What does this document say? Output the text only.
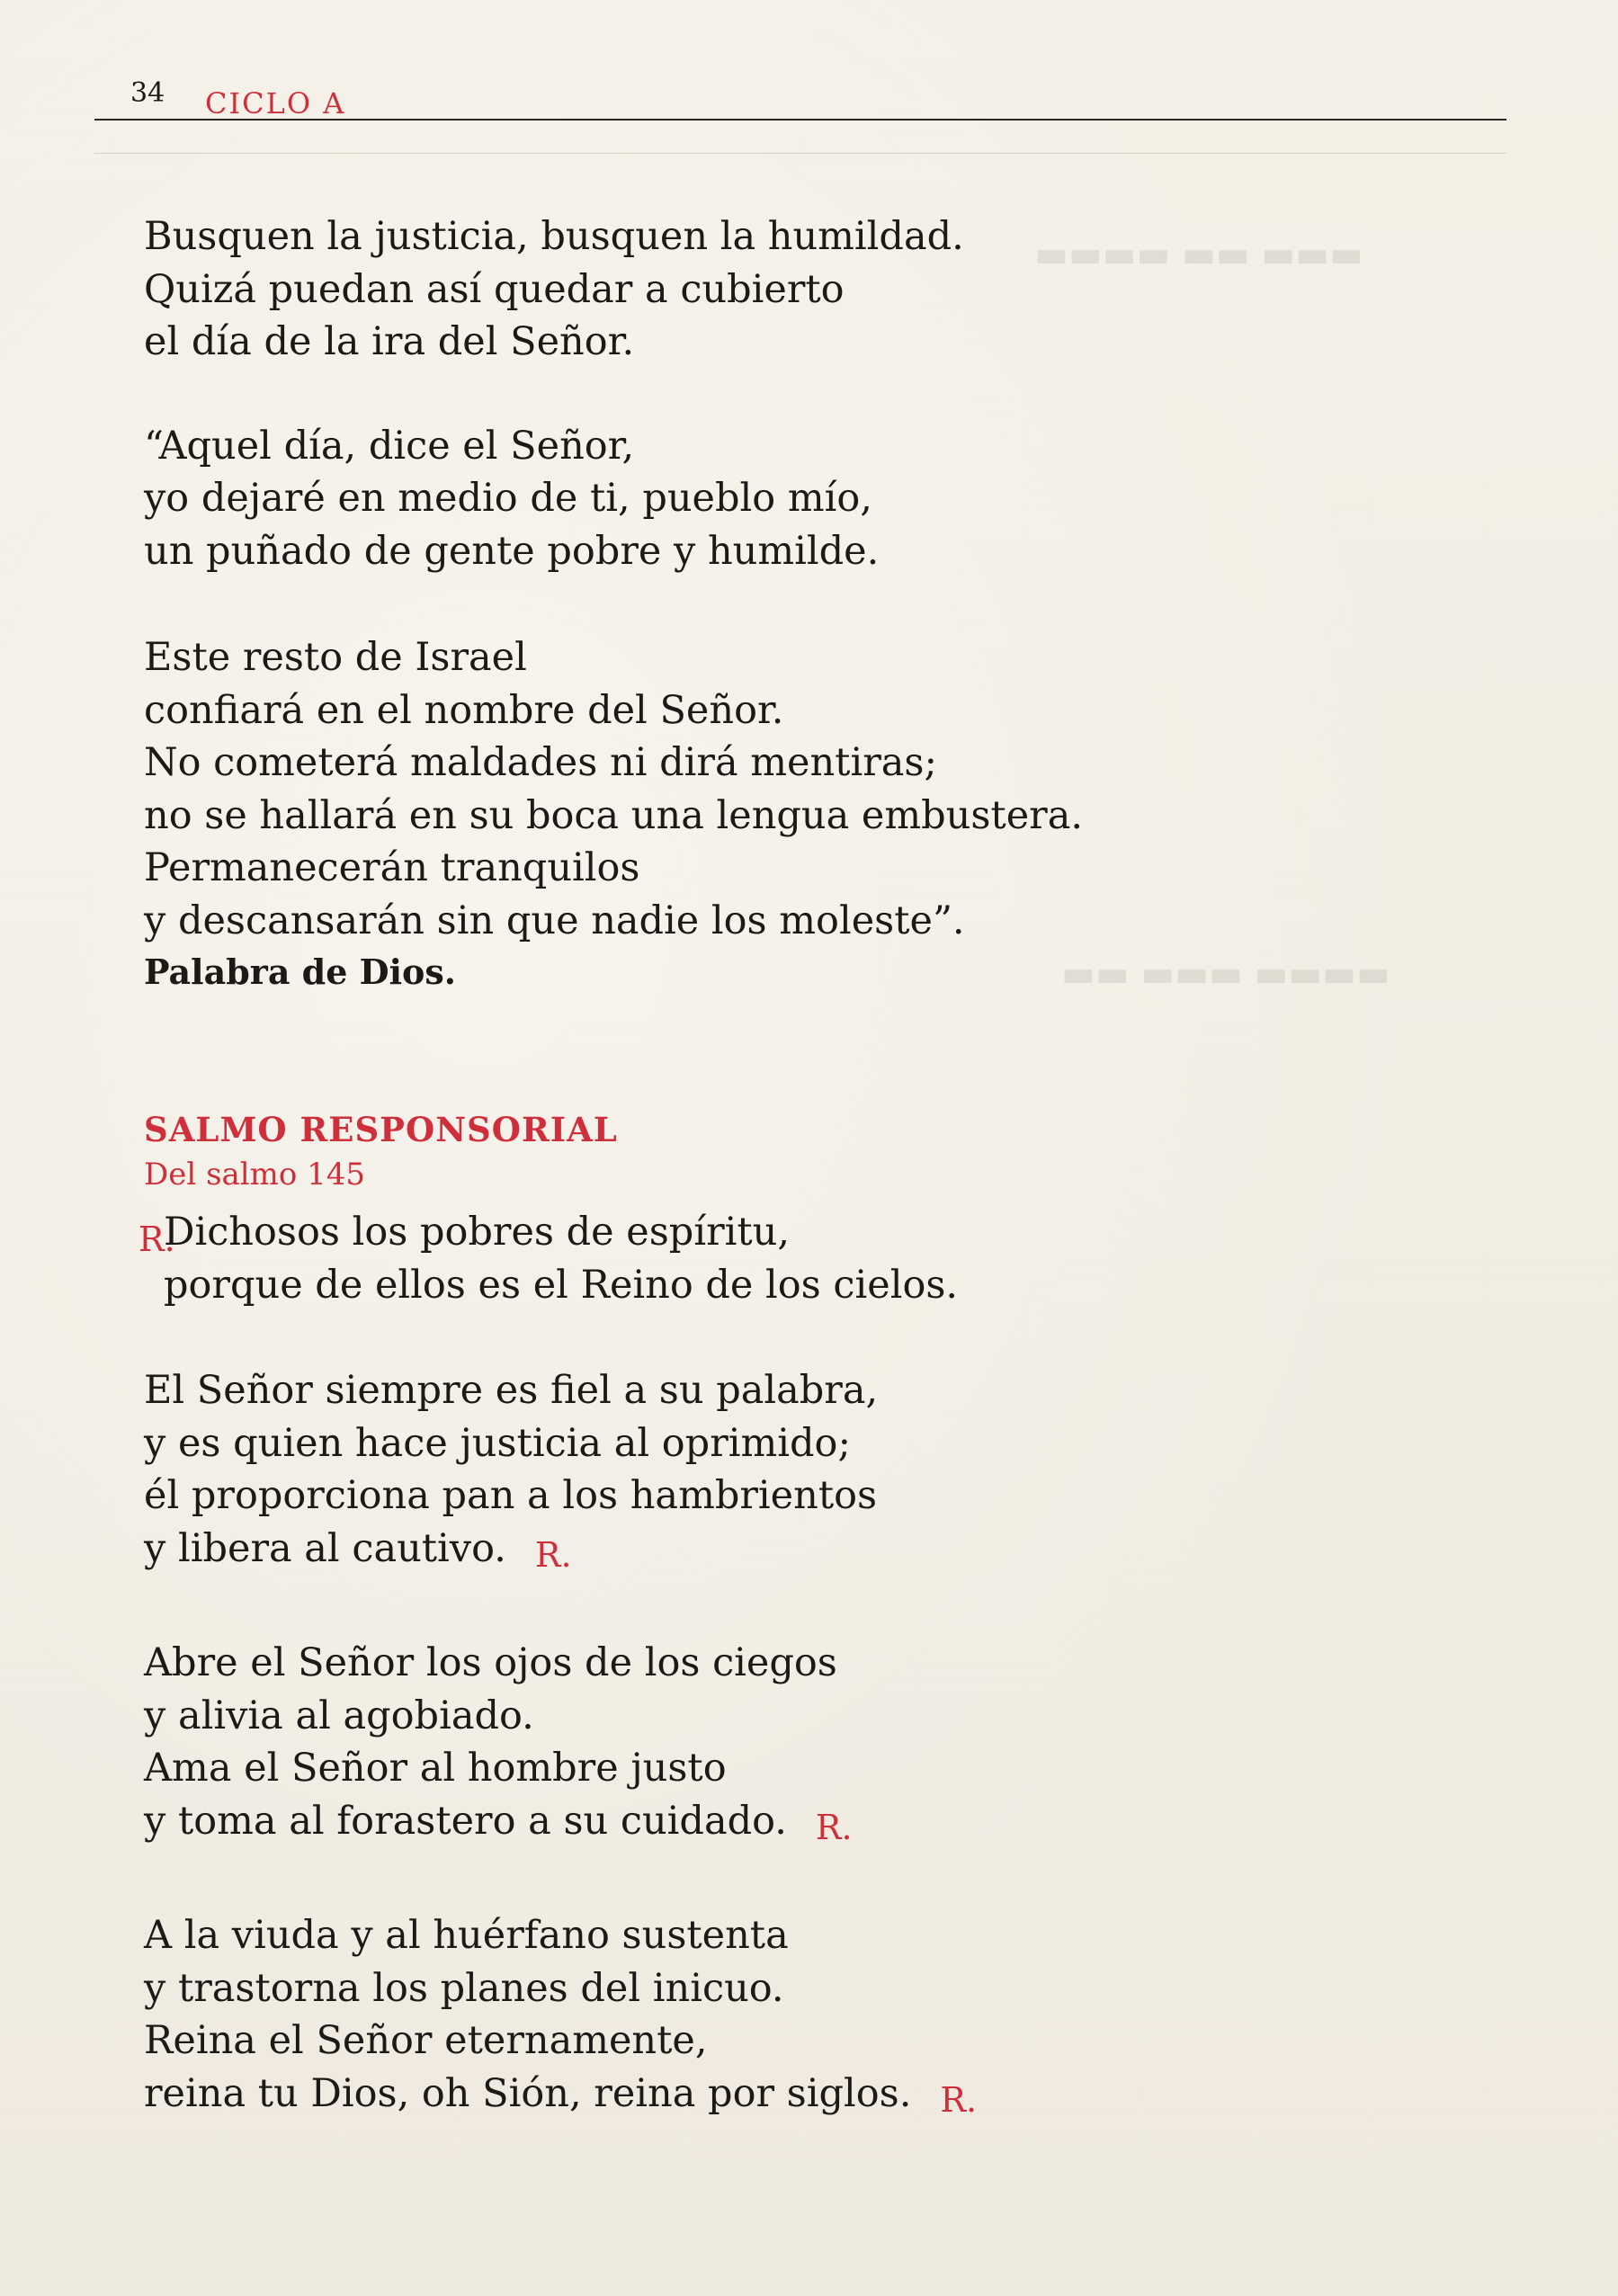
▬▬▬ ▬▬ ▬▬▬▬
▬▬▬▬ ▬▬▬ ▬▬
34 CICLO A
Busquen la justicia, busquen la humildad.
Quizá puedan así quedar a cubierto
el día de la ira del Señor.
“Aquel día, dice el Señor,
yo dejaré en medio de ti, pueblo mío,
un puñado de gente pobre y humilde.
Este resto de Israel
confiará en el nombre del Señor.
No cometerá maldades ni dirá mentiras;
no se hallará en su boca una lengua embustera.
Permanecerán tranquilos
y descansarán sin que nadie los moleste”.
Palabra de Dios.
SALMO RESPONSORIAL
Del salmo 145
R.
Dichosos los pobres de espíritu,
porque de ellos es el Reino de los cielos.
El Señor siempre es fiel a su palabra,
y es quien hace justicia al oprimido;
él proporciona pan a los hambrientos
y libera al cautivo. R.
Abre el Señor los ojos de los ciegos
y alivia al agobiado.
Ama el Señor al hombre justo
y toma al forastero a su cuidado. R.
A la viuda y al huérfano sustenta
y trastorna los planes del inicuo.
Reina el Señor eternamente,
reina tu Dios, oh Sión, reina por siglos. R.
